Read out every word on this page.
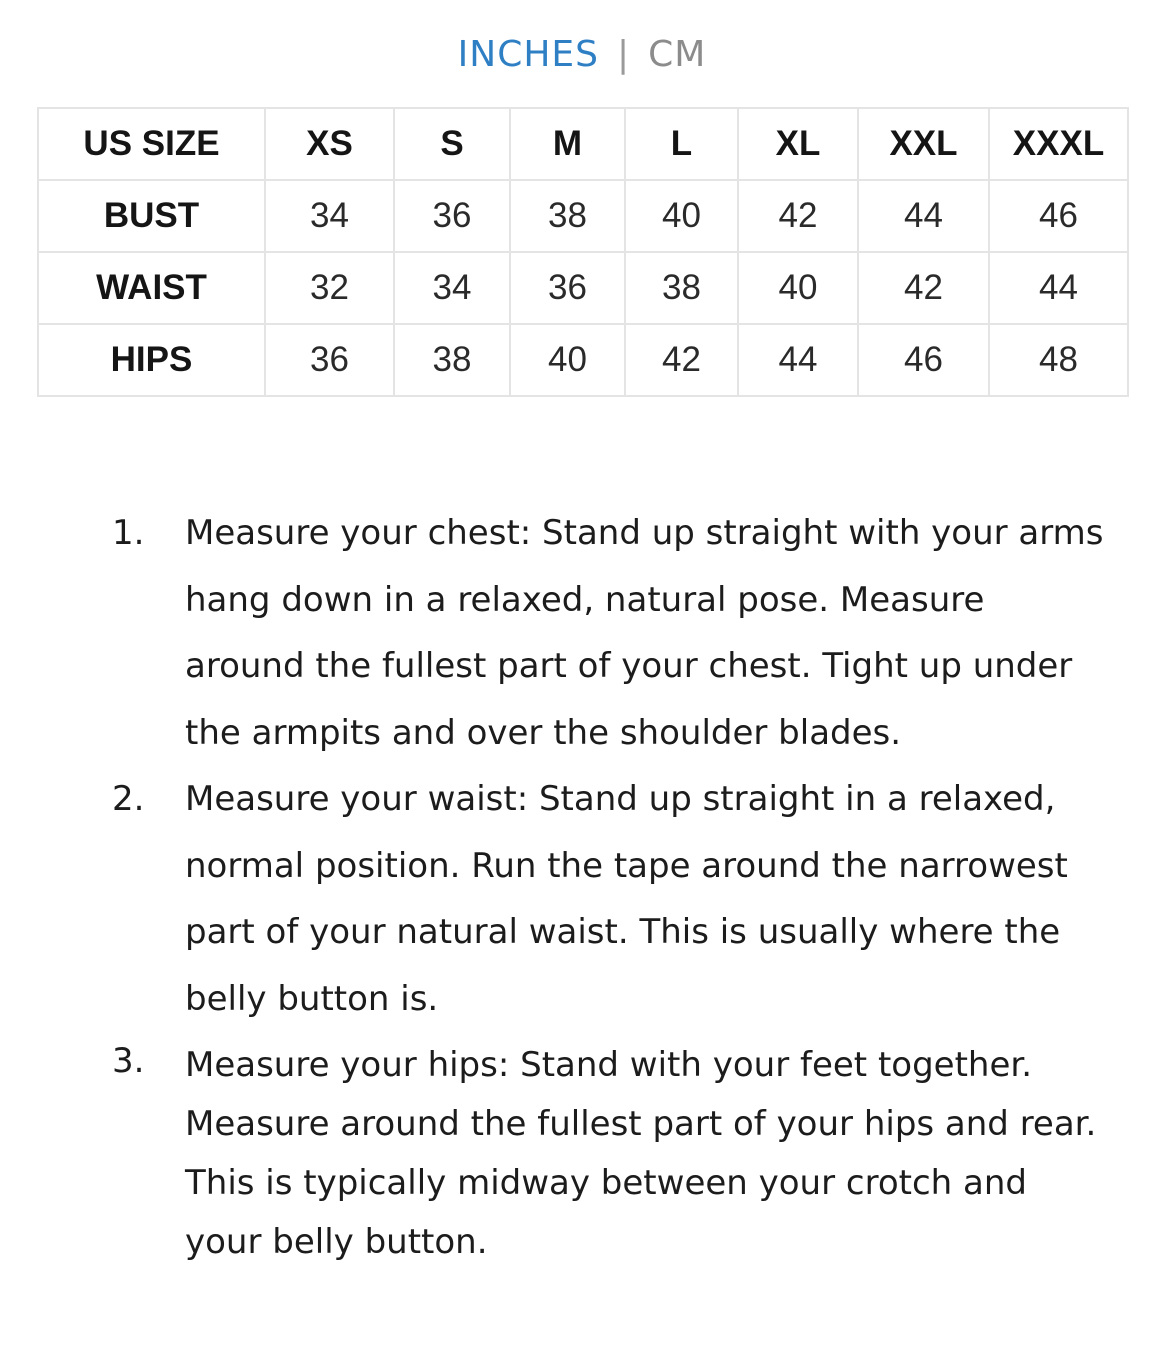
INCHES | CM
US SIZE	XS	S	M	L	XL	XXL	XXXL
BUST	34	36	38	40	42	44	46
WAIST	32	34	36	38	40	42	44
HIPS	36	38	40	42	44	46	48
1. Measure your chest: Stand up straight with your arms hang down in a relaxed, natural pose. Measure around the fullest part of your chest. Tight up under the armpits and over the shoulder blades.
2. Measure your waist: Stand up straight in a relaxed, normal position. Run the tape around the narrowest part of your natural waist. This is usually where the belly button is.
3. Measure your hips: Stand with your feet together. Measure around the fullest part of your hips and rear. This is typically midway between your crotch and your belly button.
